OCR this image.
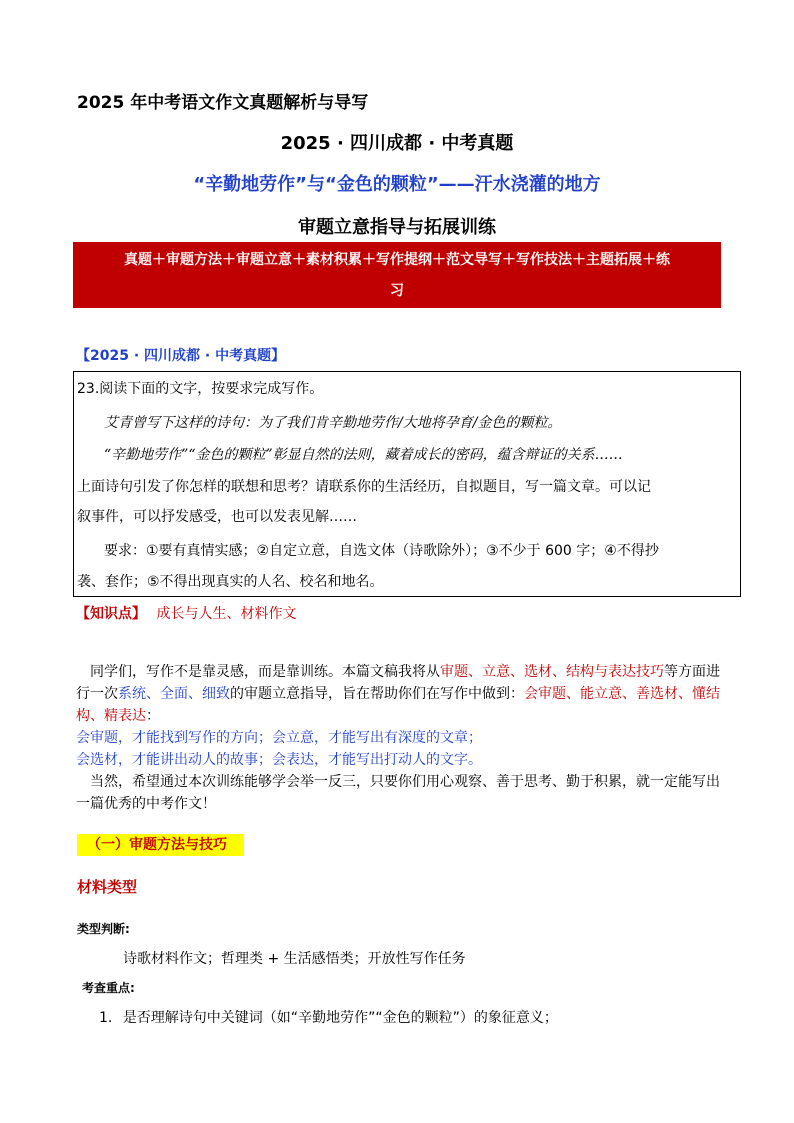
2025 年中考语文作文真题解析与导写
2025 · 四川成都 · 中考真题
“辛勤地劳作”与“金色的颗粒”——汗水浇灌的地方
审题立意指导与拓展训练
真题＋审题方法＋审题立意＋素材积累＋写作提纲＋范文导写＋写作技法＋主题拓展＋练
习
【2025 · 四川成都 · 中考真题】
23.阅读下面的文字，按要求完成写作。
艾青曾写下这样的诗句：为了我们肯辛勤地劳作/大地将孕育/金色的颗粒。
“辛勤地劳作”“金色的颗粒”彰显自然的法则，藏着成长的密码，蕴含辩证的关系……
上面诗句引发了你怎样的联想和思考？请联系你的生活经历，自拟题目，写一篇文章。可以记
叙事件，可以抒发感受，也可以发表见解……
要求：①要有真情实感；②自定立意，自选文体（诗歌除外）；③不少于 600 字；④不得抄
袭、套作；⑤不得出现真实的人名、校名和地名。
【知识点】 成长与人生、材料作文

同学们，写作不是靠灵感，而是靠训练。本篇文稿我将从审题、立意、选材、结构与表达技巧等方面进行一次系统、全面、细致的审题立意指导，旨在帮助你们在写作中做到：会审题、能立意、善选材、懂结构、精表达：

会审题，才能找到写作的方向；会立意，才能写出有深度的文章；

会选材，才能讲出动人的故事；会表达，才能写出打动人的文字。

当然，希望通过本次训练能够学会举一反三，只要你们用心观察、善于思考、勤于积累，就一定能写出一篇优秀的中考作文！

（一）审题方法与技巧
材料类型
类型判断:
诗歌材料作文；哲理类 + 生活感悟类；开放性写作任务
考查重点:
1. 是否理解诗句中关键词（如“辛勤地劳作”“金色的颗粒”）的象征意义；
